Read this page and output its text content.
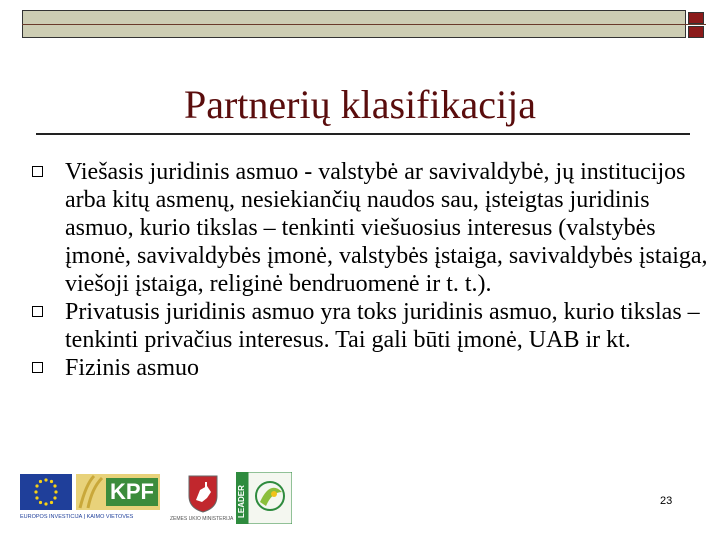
Partnerių klasifikacija
Viešasis juridinis asmuo - valstybė ar savivaldybė, jų institucijos arba kitų asmenų, nesiekiančių naudos sau, įsteigtas juridinis asmuo, kurio tikslas – tenkinti viešuosius interesus (valstybės įmonė, savivaldybės įmonė, valstybės įstaiga, savivaldybės įstaiga, viešoji įstaiga, religinė bendruomenė ir t. t.).
Privatusis juridinis asmuo yra toks juridinis asmuo, kurio tikslas – tenkinti privačius interesus. Tai gali būti įmonė, UAB ir kt.
Fizinis asmuo
KPF
EUROPOS INVESTICIJA Į KAIMO VIETOVES	ŽEMĖS ŪKIO MINISTERIJA
LEADER	23
